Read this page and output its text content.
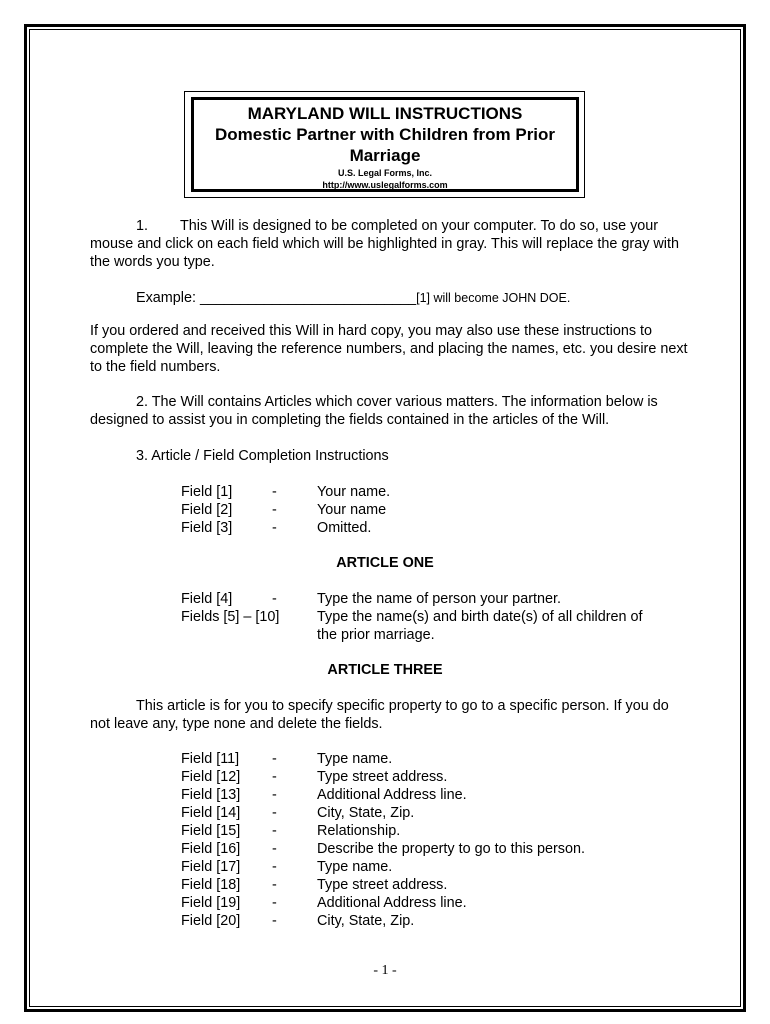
MARYLAND WILL INSTRUCTIONS
Domestic Partner with Children from Prior
Marriage
U.S. Legal Forms, Inc.
http://www.uslegalforms.com

1. This Will is designed to be completed on your computer. To do so, use your mouse and click on each field which will be highlighted in gray. This will replace the gray with the words you type.

Example: ___________________________[1] will become JOHN DOE.

If you ordered and received this Will in hard copy, you may also use these instructions to complete the Will, leaving the reference numbers, and placing the names, etc. you desire next to the field numbers.

2. The Will contains Articles which cover various matters. The information below is designed to assist you in completing the fields contained in the articles of the Will.

3. Article / Field Completion Instructions

Field [1]	-	Your name.
Field [2]	-	Your name
Field [3]	-	Omitted.

ARTICLE ONE

Field [4]	-	Type the name of person your partner.
Fields [5] – [10]	Type the name(s) and birth date(s) of all children of
the prior marriage.

ARTICLE THREE

This article is for you to specify specific property to go to a specific person. If you do not leave any, type none and delete the fields.

Field [11] -	Type name.
Field [12] -	Type street address.
Field [13] -	Additional Address line.
Field [14] -	City, State, Zip.
Field [15] -	Relationship.
Field [16] -	Describe the property to go to this person.
Field [17] -	Type name.
Field [18] -	Type street address.
Field [19] -	Additional Address line.
Field [20] -	City, State, Zip.
- 1 -
